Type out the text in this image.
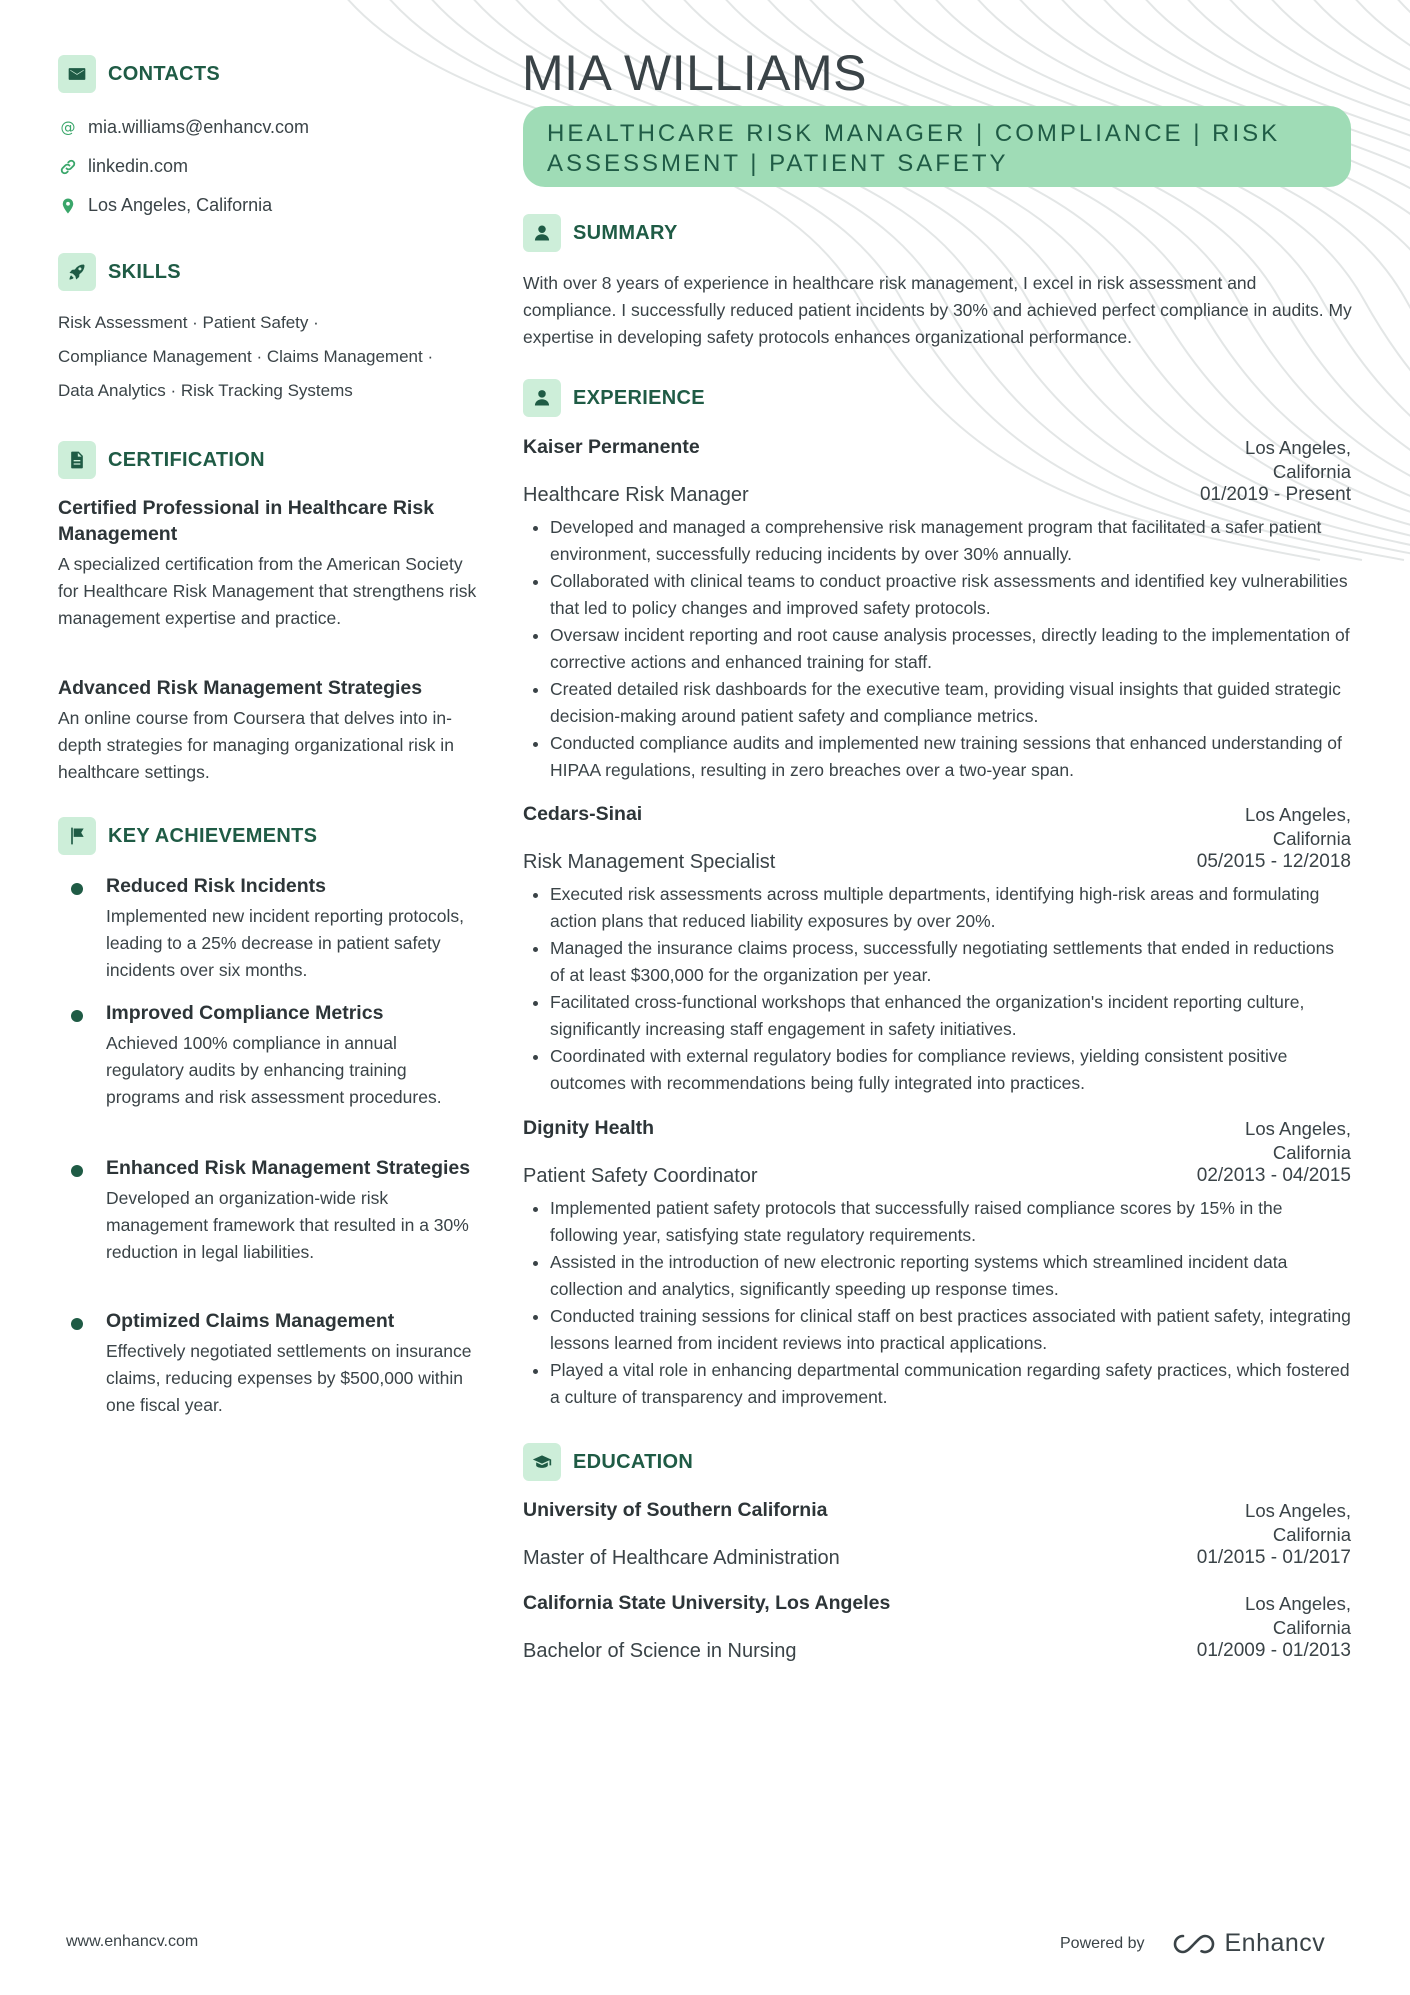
CONTACTS
@ mia.williams@enhancv.com
linkedin.com
Los Angeles, California
SKILLS
Risk Assessment · Patient Safety ·
Compliance Management · Claims Management ·
Data Analytics · Risk Tracking Systems
CERTIFICATION
Certified Professional in Healthcare Risk Management
A specialized certification from the American Society for Healthcare Risk Management that strengthens risk management expertise and practice.
Advanced Risk Management Strategies
An online course from Coursera that delves into in-depth strategies for managing organizational risk in healthcare settings.
KEY ACHIEVEMENTS
Reduced Risk Incidents
Implemented new incident reporting protocols, leading to a 25% decrease in patient safety incidents over six months.
Improved Compliance Metrics
Achieved 100% compliance in annual regulatory audits by enhancing training programs and risk assessment procedures.
Enhanced Risk Management Strategies
Developed an organization-wide risk management framework that resulted in a 30% reduction in legal liabilities.
Optimized Claims Management
Effectively negotiated settlements on insurance claims, reducing expenses by $500,000 within one fiscal year.
MIA WILLIAMS
HEALTHCARE RISK MANAGER | COMPLIANCE | RISK ASSESSMENT | PATIENT SAFETY
SUMMARY
With over 8 years of experience in healthcare risk management, I excel in risk assessment and compliance. I successfully reduced patient incidents by 30% and achieved perfect compliance in audits. My expertise in developing safety protocols enhances organizational performance.
EXPERIENCE
Kaiser Permanente	Los Angeles, California
Healthcare Risk Manager	01/2019 - Present
• Developed and managed a comprehensive risk management program that facilitated a safer patient environment, successfully reducing incidents by over 30% annually.
• Collaborated with clinical teams to conduct proactive risk assessments and identified key vulnerabilities that led to policy changes and improved safety protocols.
• Oversaw incident reporting and root cause analysis processes, directly leading to the implementation of corrective actions and enhanced training for staff.
• Created detailed risk dashboards for the executive team, providing visual insights that guided strategic decision-making around patient safety and compliance metrics.
• Conducted compliance audits and implemented new training sessions that enhanced understanding of HIPAA regulations, resulting in zero breaches over a two-year span.
Cedars-Sinai	Los Angeles, California
Risk Management Specialist	05/2015 - 12/2018
• Executed risk assessments across multiple departments, identifying high-risk areas and formulating action plans that reduced liability exposures by over 20%.
• Managed the insurance claims process, successfully negotiating settlements that ended in reductions of at least $300,000 for the organization per year.
• Facilitated cross-functional workshops that enhanced the organization's incident reporting culture, significantly increasing staff engagement in safety initiatives.
• Coordinated with external regulatory bodies for compliance reviews, yielding consistent positive outcomes with recommendations being fully integrated into practices.
Dignity Health	Los Angeles, California
Patient Safety Coordinator	02/2013 - 04/2015
• Implemented patient safety protocols that successfully raised compliance scores by 15% in the following year, satisfying state regulatory requirements.
• Assisted in the introduction of new electronic reporting systems which streamlined incident data collection and analytics, significantly speeding up response times.
• Conducted training sessions for clinical staff on best practices associated with patient safety, integrating lessons learned from incident reviews into practical applications.
• Played a vital role in enhancing departmental communication regarding safety practices, which fostered a culture of transparency and improvement.
EDUCATION
University of Southern California	Los Angeles, California
Master of Healthcare Administration	01/2015 - 01/2017
California State University, Los Angeles	Los Angeles, California
Bachelor of Science in Nursing	01/2009 - 01/2013
www.enhancv.com	Powered by	Enhancv
